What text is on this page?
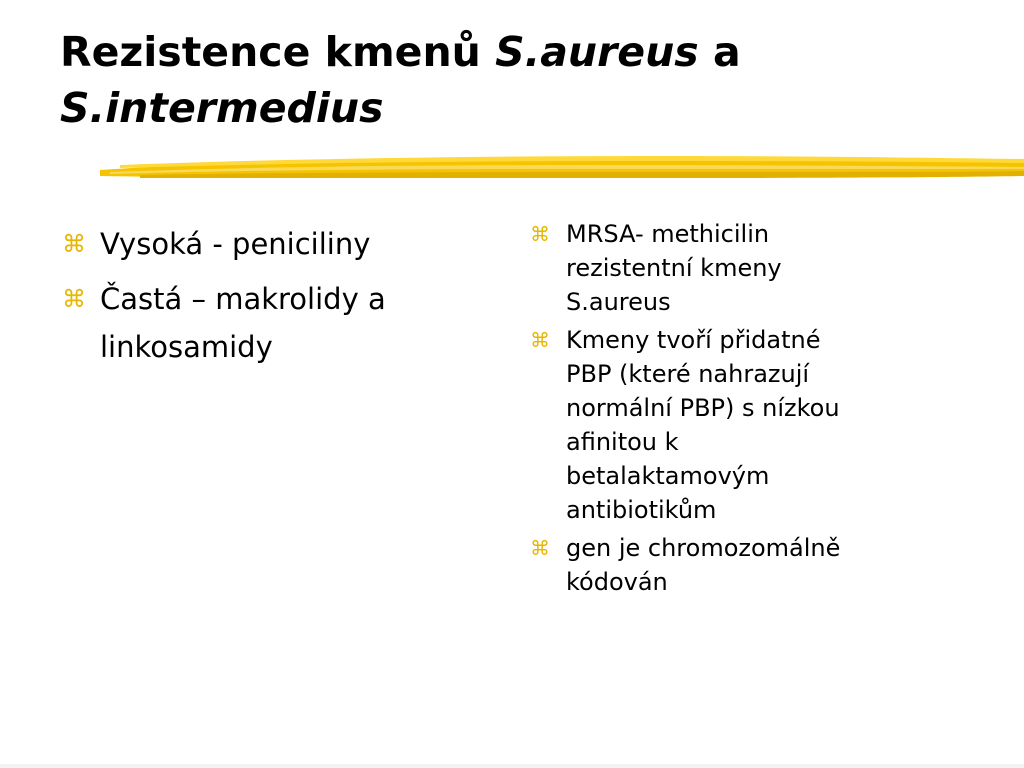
Rezistence kmenů S.aureus a
S.intermedius
⌘ Vysoká - peniciliny
⌘ Častá – makrolidy a
linkosamidy
⌘ MRSA- methicilin
rezistentní kmeny
S.aureus
⌘ Kmeny tvoří přidatné
PBP (které nahrazují
normální PBP) s nízkou
afinitou k
betalaktamovým
antibiotikům
⌘ gen je chromozomálně
kódován
